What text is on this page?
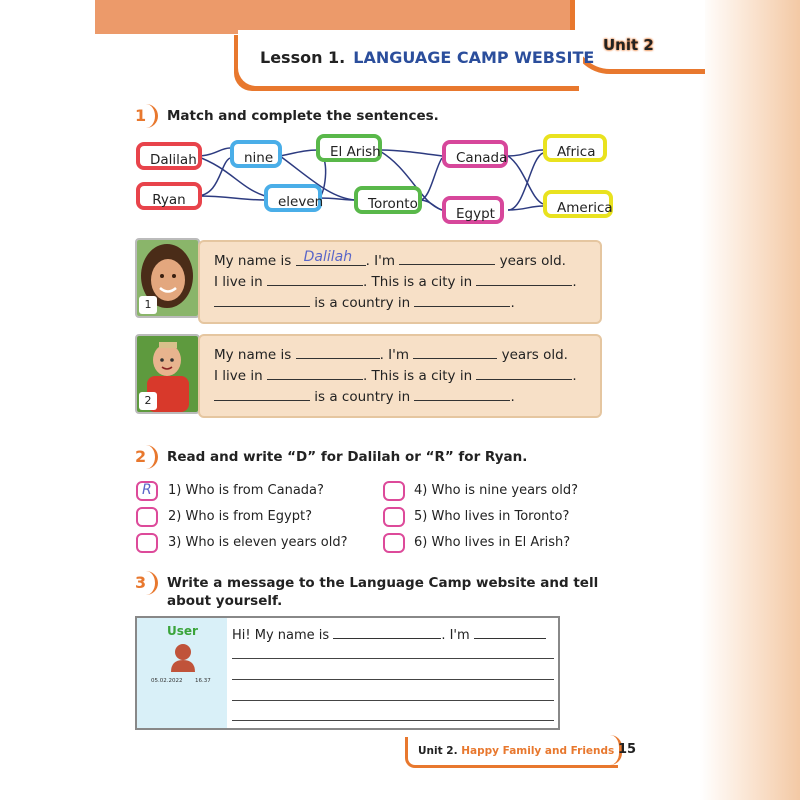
Lesson 1. LANGUAGE CAMP WEBSITE
Unit 2
1 Match and complete the sentences.
Dalilah
Ryan
nine
eleven
El Arish
Toronto
Canada
Egypt
Africa
America
1
My name is Dalilah . I'm	years old.
I live in	. This is a city in	.
is a country in	.
2
My name is	. I'm	years old.
I live in	. This is a city in	.
is a country in	.
2 Read and write “D” for Dalilah or “R” for Ryan.
R 1) Who is from Canada?
2) Who is from Egypt?
3) Who is eleven years old?
4) Who is nine years old?
5) Who lives in Toronto?
6) Who lives in El Arish?
3 Write a message to the Language Camp website and tell
about yourself.
User
05.02.2022 16.37
Hi! My name is	. I'm
Unit 2. Happy Family and Friends 15
